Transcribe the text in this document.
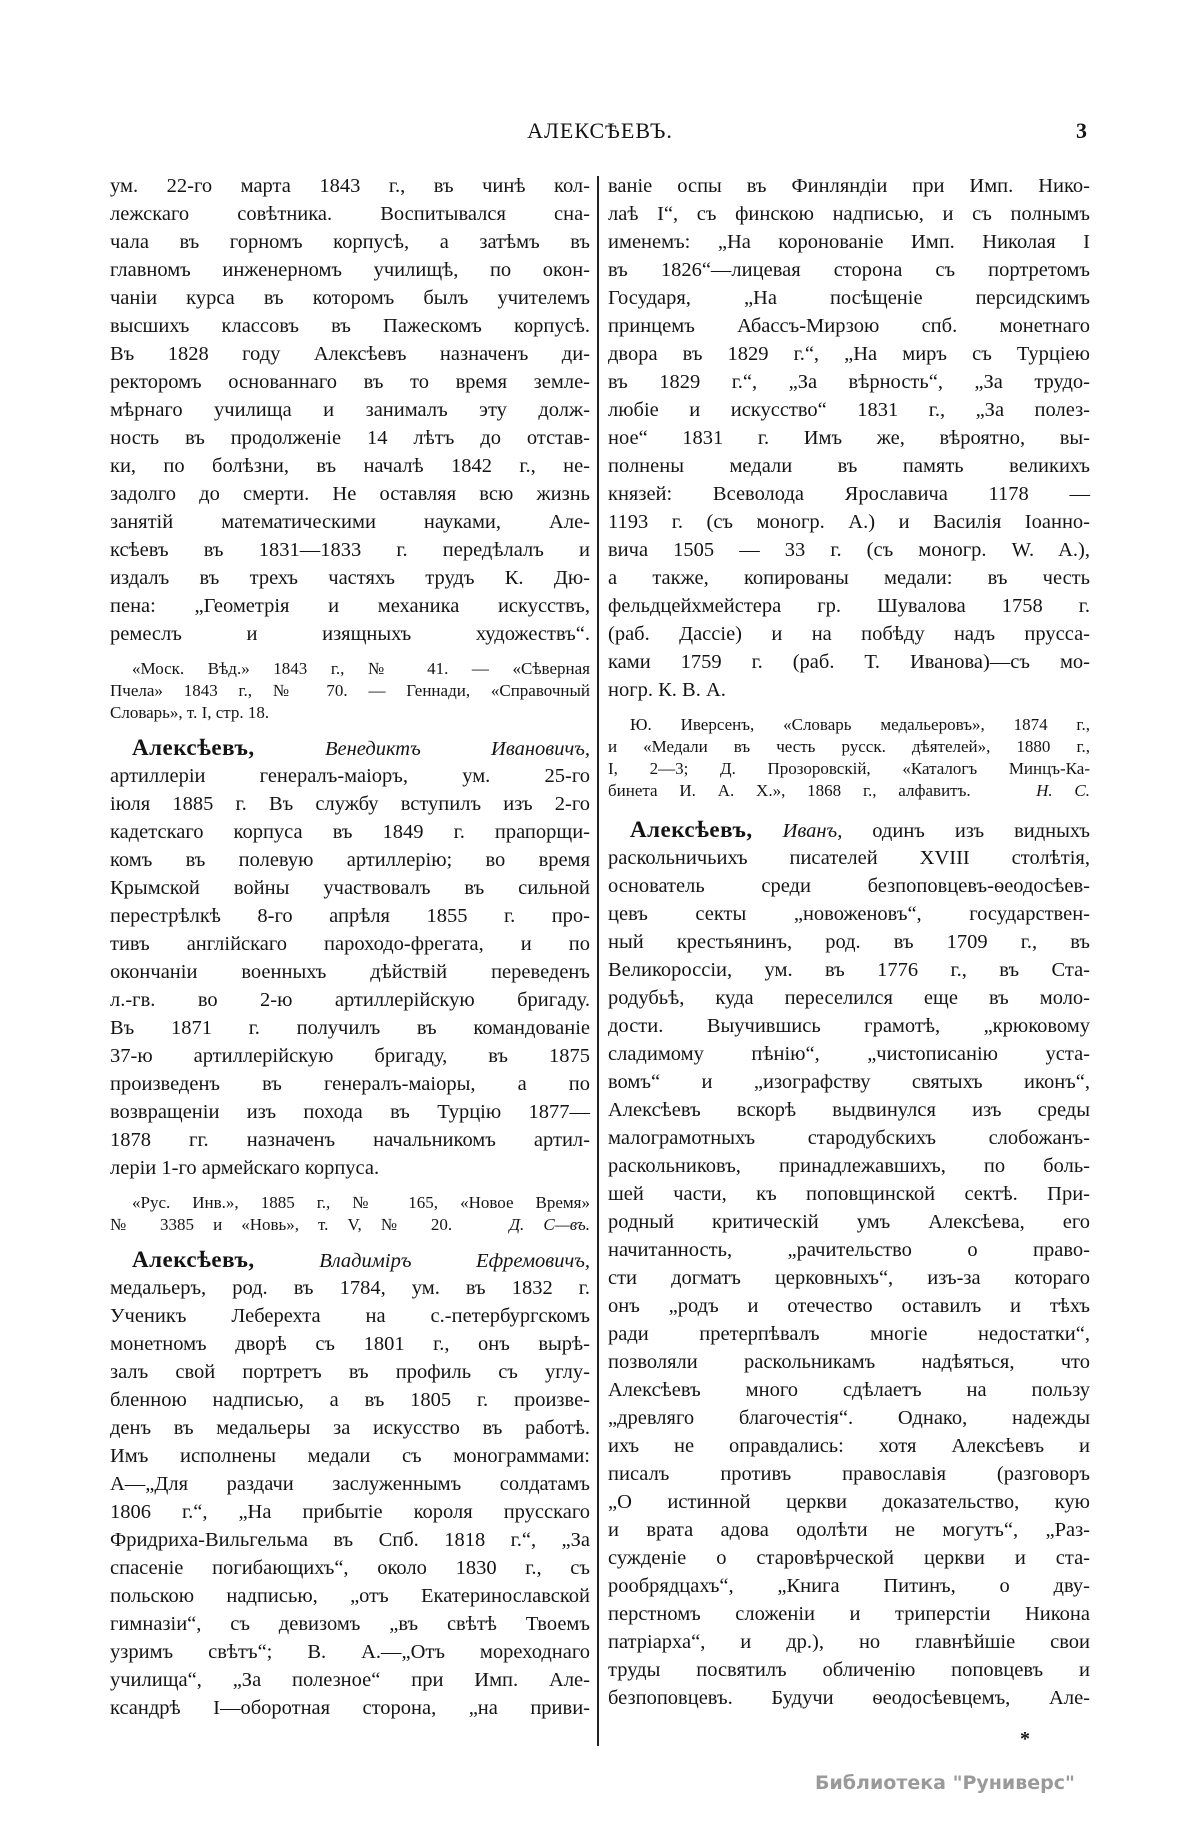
АЛЕКСѢЕВЪ.	3
ум. 22-го марта 1843 г., въ чинѣ кол-
лежскаго совѣтника. Воспитывался сна-
чала въ горномъ корпусѣ, а затѣмъ въ
главномъ инженерномъ училищѣ, по окон-
чаніи курса въ которомъ былъ учителемъ
высшихъ классовъ въ Пажескомъ корпусѣ.
Въ 1828 году Алексѣевъ назначенъ ди-
ректоромъ основаннаго въ то время земле-
мѣрнаго училища и занималъ эту долж-
ность въ продолженіе 14 лѣтъ до отстав-
ки, по болѣзни, въ началѣ 1842 г., не-
задолго до смерти. Не оставляя всю жизнь
занятій математическими науками, Але-
ксѣевъ въ 1831—1833 г. передѣлалъ и
издалъ въ трехъ частяхъ трудъ К. Дю-
пена: „Геометрія и механика искусствъ,
ремеслъ и изящныхъ художествъ“.
«Моск. Вѣд.» 1843 г., № 41. — «Сѣверная
Пчела» 1843 г., № 70. — Геннади, «Справочный
Словарь», т. I, стр. 18.
Алексѣевъ,	Венедиктъ Ивановичъ,
артиллеріи генералъ-маіоръ, ум. 25-го
іюля 1885 г. Въ службу вступилъ изъ 2-го
кадетскаго корпуса въ 1849 г. прапорщи-
комъ въ полевую артиллерію; во время
Крымской войны участвовалъ въ сильной
перестрѣлкѣ 8-го апрѣля 1855 г. про-
тивъ англійскаго пароходо-фрегата, и по
окончаніи военныхъ дѣйствій переведенъ
л.-гв. во 2-ю артиллерійскую бригаду.
Въ 1871 г. получилъ въ командованіе
37-ю артиллерійскую бригаду, въ 1875
произведенъ въ генералъ-маіоры, а по
возвращеніи изъ похода въ Турцію 1877—
1878 гг. назначенъ начальникомъ артил-
леріи 1-го армейскаго корпуса.
«Рус. Инв.», 1885 г., № 165, «Новое Время»
№ 3385 и «Новь», т. V, № 20.	Д. С—въ.
Алексѣевъ,	Владиміръ Ефремовичъ,
медальеръ, род. въ 1784, ум. въ 1832 г.
Ученикъ Леберехта на с.-петербургскомъ
монетномъ дворѣ съ 1801 г., онъ вырѣ-
залъ свой портретъ въ профиль съ углу-
бленною надписью, а въ 1805 г. произве-
денъ въ медальеры за искусство въ работѣ.
Имъ исполнены медали съ монограммами:
А—„Для раздачи заслуженнымъ солдатамъ
1806 г.“, „На прибытіе короля прусскаго
Фридриха-Вильгельма въ Спб. 1818 г.“, „За
спасеніе погибающихъ“, около 1830 г., съ
польскою надписью, „отъ Екатеринославской
гимназіи“, съ девизомъ „въ свѣтѣ Твоемъ
узримъ свѣтъ“; В. А.—„Отъ мореходнаго
училища“, „За полезное“ при Имп. Але-
ксандрѣ I—оборотная сторона, „на приви-
ваніе оспы въ Финляндіи при Имп. Нико-
лаѣ I“, съ финскою надписью, и съ полнымъ
именемъ: „На коронованіе Имп. Николая I
въ 1826“—лицевая сторона съ портретомъ
Государя, „На посѣщеніе персидскимъ
принцемъ Абассъ-Мирзою спб. монетнаго
двора въ 1829 г.“, „На миръ съ Турціею
въ 1829 г.“, „За вѣрность“, „За трудо-
любіе и искусство“ 1831 г., „За полез-
ное“ 1831 г. Имъ же, вѣроятно, вы-
полнены медали въ память великихъ
князей: Всеволода Ярославича 1178 —
1193 г. (съ моногр. А.) и Василія Іоанно-
вича 1505 — 33 г. (съ моногр. W. A.),
а также, копированы медали: въ честь
фельдцейхмейстера гр. Шувалова 1758 г.
(раб. Дассіе) и на побѣду надъ прусса-
ками 1759 г. (раб. Т. Иванова)—съ мо-
ногр. К. В. А.
Ю. Иверсенъ, «Словарь медальеровъ», 1874 г.,
и «Медали въ честь русск. дѣятелей», 1880 г.,
I, 2—3; Д. Прозоровскій, «Каталогъ Минцъ-Ка-
бинета И. А. Х.», 1868 г., алфавитъ.	Н. С.
Алексѣевъ, Иванъ, одинъ изъ видныхъ
раскольничьихъ писателей XVIII столѣтія,
основатель среди безпоповцевъ-ѳеодосѣев-
цевъ секты „новоженовъ“, государствен-
ный крестьянинъ, род. въ 1709 г., въ
Великороссіи, ум. въ 1776 г., въ Ста-
родубьѣ, куда переселился еще въ моло-
дости. Выучившись грамотѣ, „крюковому
сладимому пѣнію“, „чистописанію уста-
вомъ“ и „изографству святыхъ иконъ“,
Алексѣевъ вскорѣ выдвинулся изъ среды
малограмотныхъ стародубскихъ слобожанъ-
раскольниковъ, принадлежавшихъ, по боль-
шей части, къ поповщинской сектѣ. При-
родный критическій умъ Алексѣева, его
начитанность, „рачительство о право-
сти догматъ церковныхъ“, изъ-за котораго
онъ „родъ и отечество оставилъ и тѣхъ
ради претерпѣвалъ многіе недостатки“,
позволяли раскольникамъ надѣяться, что
Алексѣевъ много сдѣлаетъ на пользу
„древляго благочестія“. Однако, надежды
ихъ не оправдались: хотя Алексѣевъ и
писалъ противъ православія (разговоръ
„О истинной церкви доказательство, кую
и врата адова одолѣти не могутъ“, „Раз-
сужденіе о старовѣрческой церкви и ста-
рообрядцахъ“, „Книга Питинъ, о дву-
перстномъ сложеніи и триперстіи Никона
патріарха“, и др.), но главнѣйшіе свои
труды посвятилъ обличенію поповцевъ и
безпоповцевъ. Будучи ѳеодосѣевцемъ, Але-
*
Библиотека "Руниверс"
